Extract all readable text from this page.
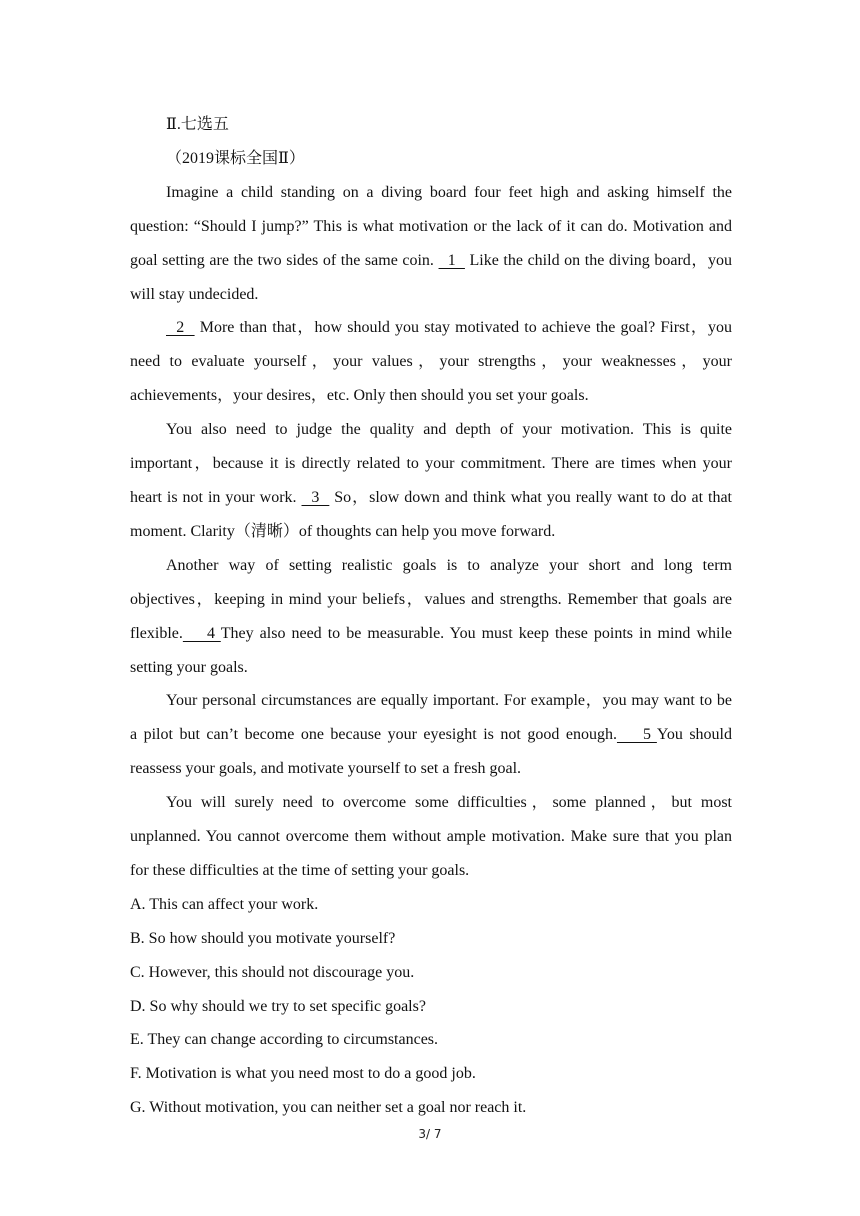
Ⅱ.七选五

（2019课标全国Ⅱ）

Imagine a child standing on a diving board four feet high and asking himself the question: “Should I jump?” This is what motivation or the lack of it can do. Motivation and goal setting are the two sides of the same coin.   1   Like the child on the diving board，you will stay undecided.

2   More than that，how should you stay motivated to achieve the goal? First，you need to evaluate yourself，your values，your strengths，your weaknesses，your achievements，your desires，etc. Only then should you set your goals.

You also need to judge the quality and depth of your motivation. This is quite important，because it is directly related to your commitment. There are times when your heart is not in your work.   3   So，slow down and think what you really want to do at that moment. Clarity（清晰）of thoughts can help you move forward.

Another way of setting realistic goals is to analyze your short and long term objectives，keeping in mind your beliefs，values and strengths. Remember that goals are flexible.    4 They also need to be measurable. You must keep these points in mind while setting your goals.

Your personal circumstances are equally important. For example，you may want to be a pilot but can’t become one because your eyesight is not good enough.    5 You should reassess your goals, and motivate yourself to set a fresh goal.

You will surely need to overcome some difficulties，some planned，but most unplanned. You cannot overcome them without ample motivation. Make sure that you plan for these difficulties at the time of setting your goals.

A. This can affect your work.

B. So how should you motivate yourself?

C. However, this should not discourage you.

D. So why should we try to set specific goals?

E. They can change according to circumstances.

F. Motivation is what you need most to do a good job.

G. Without motivation, you can neither set a goal nor reach it.

3/ 7
